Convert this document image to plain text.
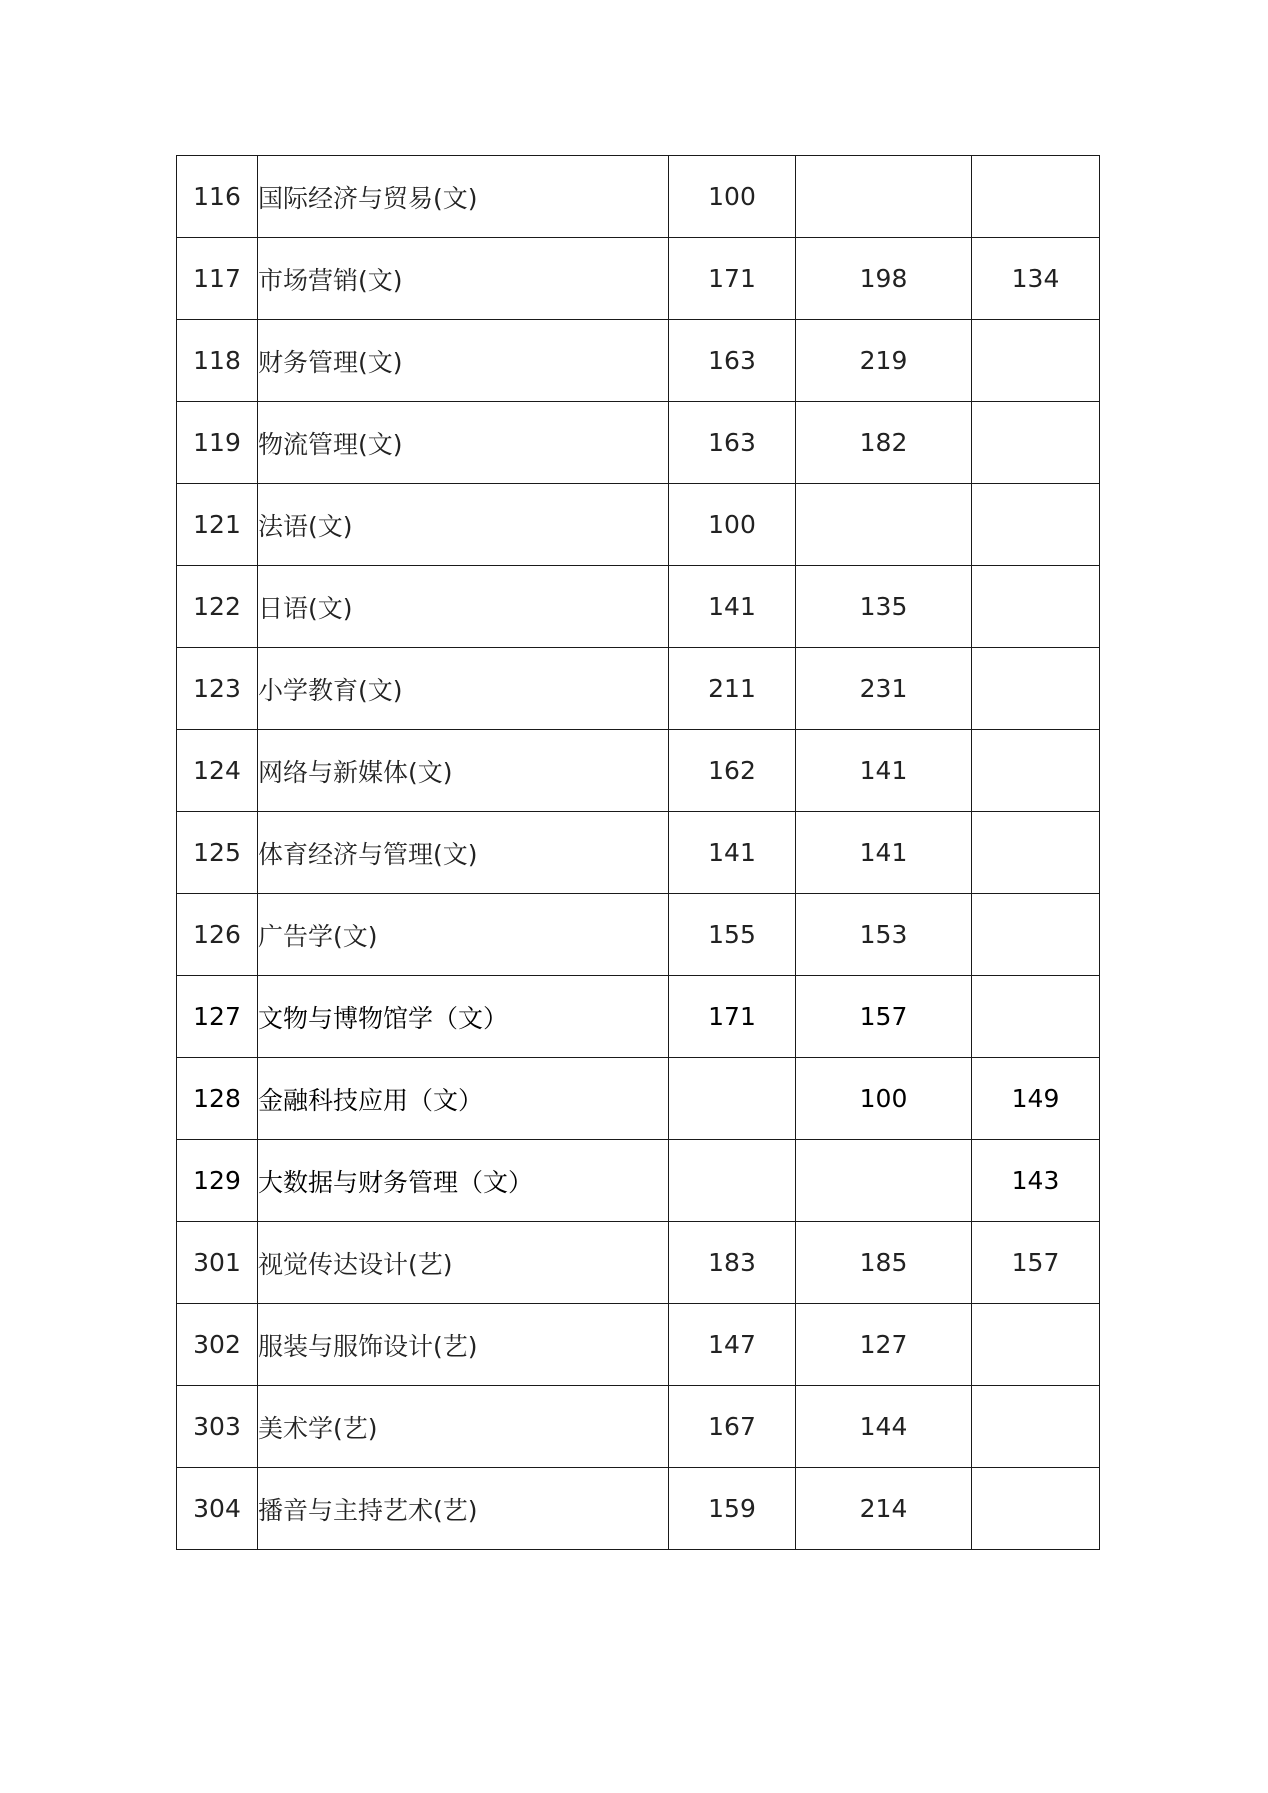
116	国际经济与贸易(文)	100		
117	市场营销(文)	171	198	134
118	财务管理(文)	163	219	
119	物流管理(文)	163	182	
121	法语(文)	100		
122	日语(文)	141	135	
123	小学教育(文)	211	231	
124	网络与新媒体(文)	162	141	
125	体育经济与管理(文)	141	141	
126	广告学(文)	155	153	
127	文物与博物馆学（文）	171	157	
128	金融科技应用（文）		100	149
129	大数据与财务管理（文）			143
301	视觉传达设计(艺)	183	185	157
302	服装与服饰设计(艺)	147	127	
303	美术学(艺)	167	144	
304	播音与主持艺术(艺)	159	214	
